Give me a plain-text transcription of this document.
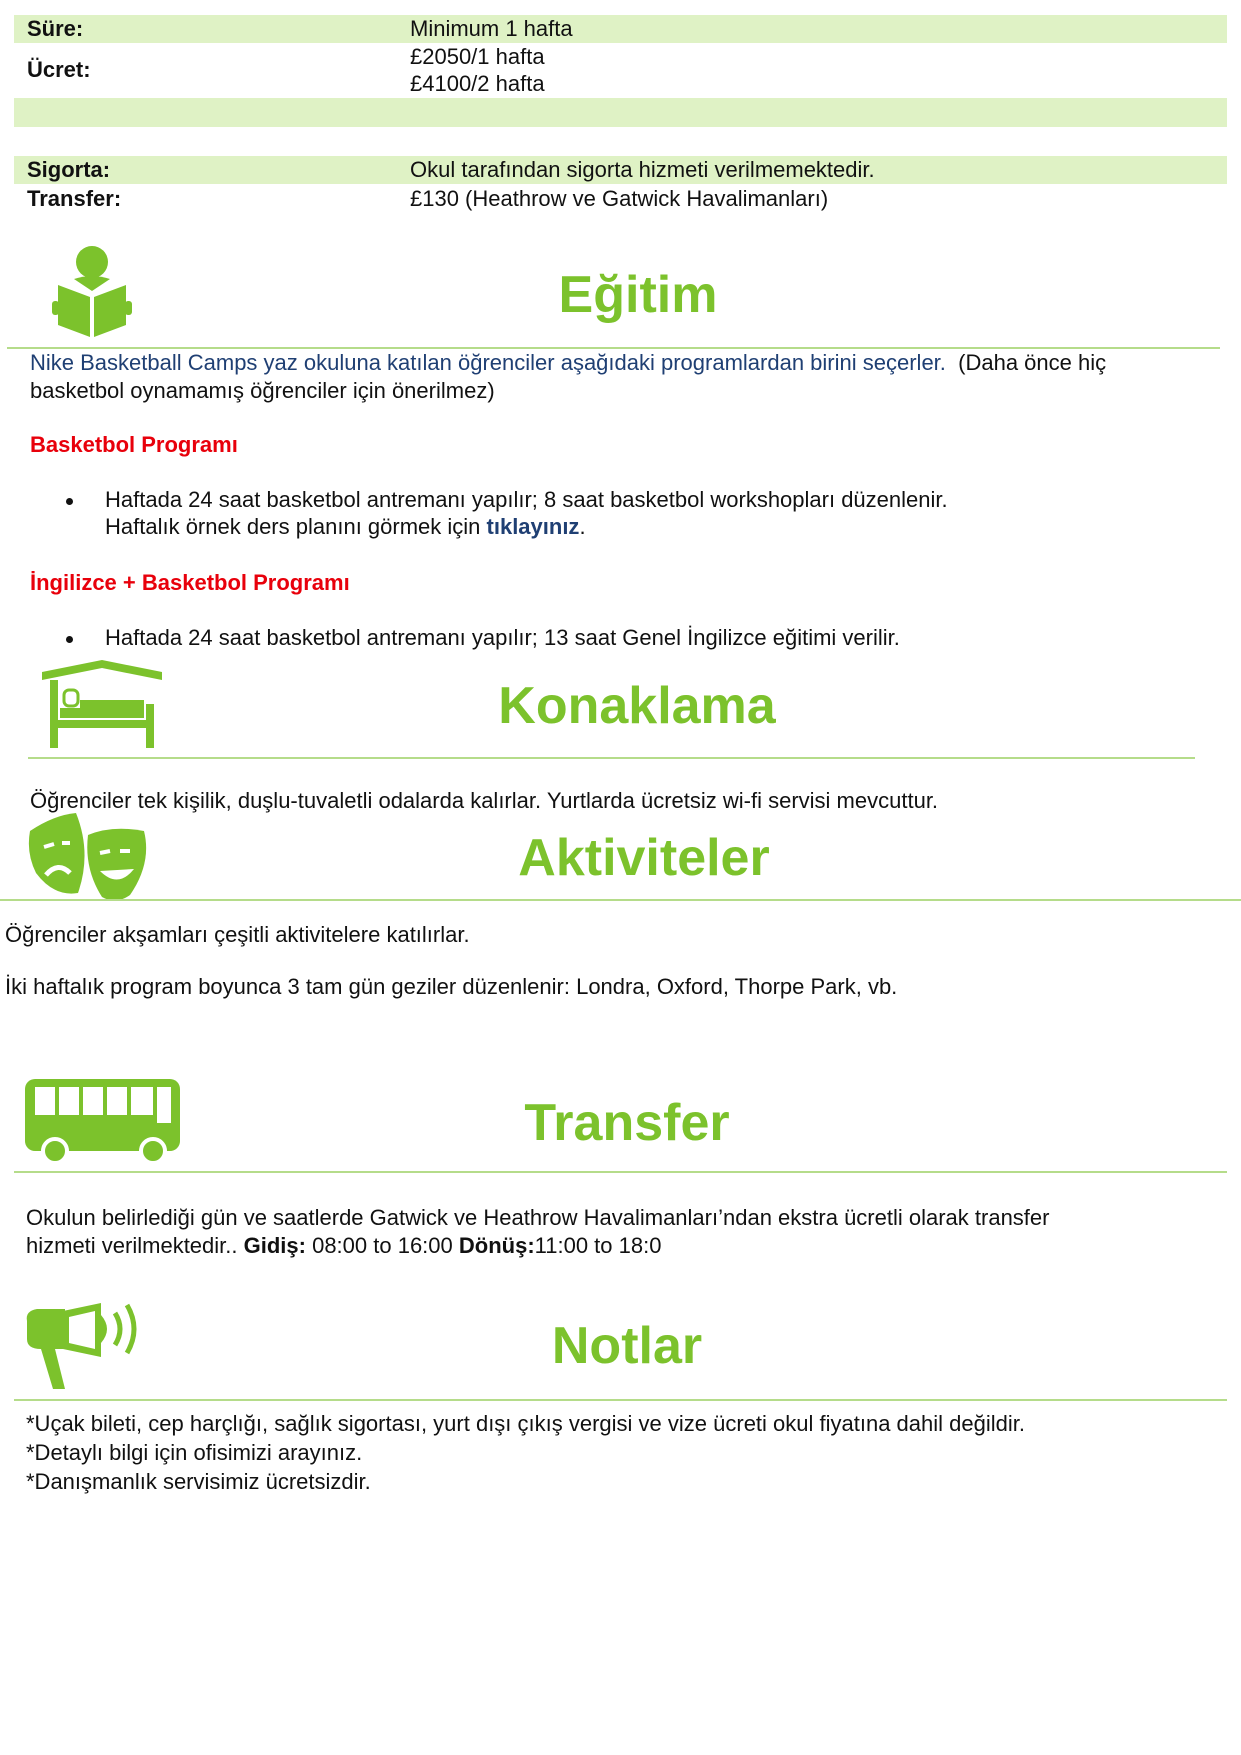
Süre:	Minimum 1 hafta
Ücret:
£2050/1 hafta
£4100/2 hafta
Sigorta:	Okul tarafından sigorta hizmeti verilmemektedir.
Transfer:	£130 (Heathrow ve Gatwick Havalimanları)
Eğitim
Nike Basketball Camps yaz okuluna katılan öğrenciler aşağıdaki programlardan birini seçerler. (Daha önce hiç
basketbol oynamamış öğrenciler için önerilmez)
Basketbol Programı
Haftada 24 saat basketbol antremanı yapılır; 8 saat basketbol workshopları düzenlenir.
Haftalık örnek ders planını görmek için tıklayınız.
İngilizce + Basketbol Programı
Haftada 24 saat basketbol antremanı yapılır; 13 saat Genel İngilizce eğitimi verilir.
Konaklama
Öğrenciler tek kişilik, duşlu-tuvaletli odalarda kalırlar. Yurtlarda ücretsiz wi-fi servisi mevcuttur.
Aktiviteler
Öğrenciler akşamları çeşitli aktivitelere katılırlar.
İki haftalık program boyunca 3 tam gün geziler düzenlenir: Londra, Oxford, Thorpe Park, vb.
Transfer
Okulun belirlediği gün ve saatlerde Gatwick ve Heathrow Havalimanları’ndan ekstra ücretli olarak transfer
hizmeti verilmektedir.. Gidiş: 08:00 to 16:00 Dönüş:11:00 to 18:0
Notlar
*Uçak bileti, cep harçlığı, sağlık sigortası, yurt dışı çıkış vergisi ve vize ücreti okul fiyatına dahil değildir.
*Detaylı bilgi için ofisimizi arayınız.
*Danışmanlık servisimiz ücretsizdir.
